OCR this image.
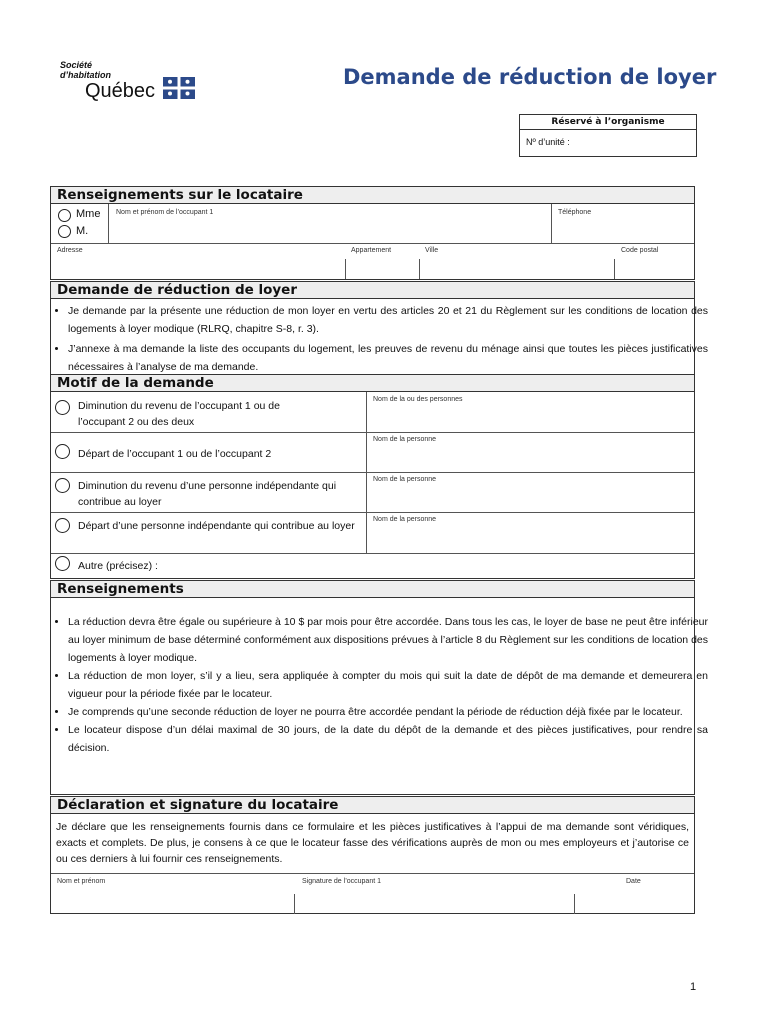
Société
d’habitation
Québec
Demande de réduction de loyer
Réservé à l’organisme
Nº d’unité :
Renseignements sur le locataire
Mme
M.
Nom et prénom de l’occupant 1	Téléphone
Adresse	Appartement	Ville	Code postal
Demande de réduction de loyer
• Je demande par la présente une réduction de mon loyer en vertu des articles 20 et 21 du Règlement sur les conditions de location des logements à loyer modique (RLRQ, chapitre S-8, r. 3).
• J’annexe à ma demande la liste des occupants du logement, les preuves de revenu du ménage ainsi que toutes les pièces justificatives nécessaires à l’analyse de ma demande.
Motif de la demande
Diminution du revenu de l’occupant 1 ou de l’occupant 2 ou des deux
Nom de la ou des personnes
Départ de l’occupant 1 ou de l’occupant 2
Nom de la personne
Diminution du revenu d’une personne indépendante qui contribue au loyer
Nom de la personne
Départ d’une personne indépendante qui contribue au loyer
Nom de la personne
Autre (précisez) :
Renseignements
• La réduction devra être égale ou supérieure à 10 $ par mois pour être accordée. Dans tous les cas, le loyer de base ne peut être inférieur au loyer minimum de base déterminé conformément aux dispositions prévues à l’article 8 du Règlement sur les conditions de location des logements à loyer modique.
• La réduction de mon loyer, s’il y a lieu, sera appliquée à compter du mois qui suit la date de dépôt de ma demande et demeurera en vigueur pour la période fixée par le locateur.
• Je comprends qu’une seconde réduction de loyer ne pourra être accordée pendant la période de réduction déjà fixée par le locateur.
• Le locateur dispose d’un délai maximal de 30 jours, de la date du dépôt de la demande et des pièces justificatives, pour rendre sa décision.
Déclaration et signature du locataire
Je déclare que les renseignements fournis dans ce formulaire et les pièces justificatives à l’appui de ma demande sont véridiques, exacts et complets. De plus, je consens à ce que le locateur fasse des vérifications auprès de mon ou mes employeurs et j’autorise ce ou ces derniers à lui fournir ces renseignements.
Nom et prénom	Signature de l’occupant 1	Date
1
